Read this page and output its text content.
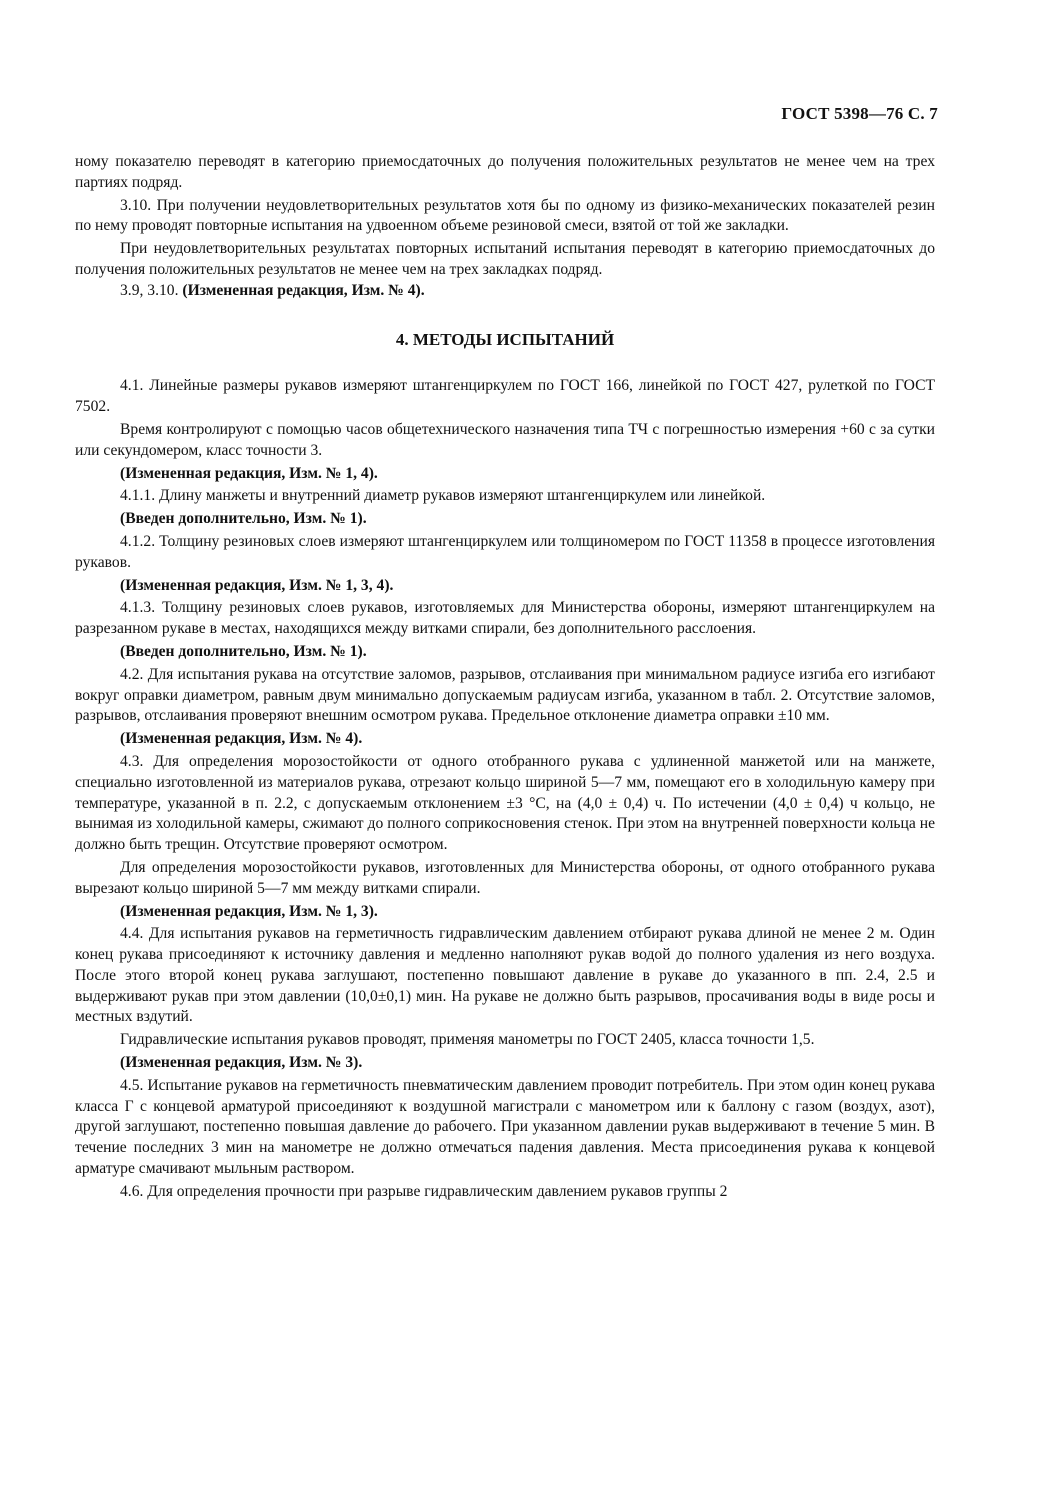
ГОСТ 5398—76 С. 7

ному показателю переводят в категорию приемосдаточных до получения положительных результатов не менее чем на трех партиях подряд.

3.10. При получении неудовлетворительных результатов хотя бы по одному из физико-механических показателей резин по нему проводят повторные испытания на удвоенном объеме резиновой смеси, взятой от той же закладки.

При неудовлетворительных результатах повторных испытаний испытания переводят в категорию приемосдаточных до получения положительных результатов не менее чем на трех закладках подряд.

3.9, 3.10. (Измененная редакция, Изм. № 4).

4. МЕТОДЫ ИСПЫТАНИЙ

4.1. Линейные размеры рукавов измеряют штангенциркулем по ГОСТ 166, линейкой по ГОСТ 427, рулеткой по ГОСТ 7502.

Время контролируют с помощью часов общетехнического назначения типа ТЧ с погрешностью измерения +60 с за сутки или секундомером, класс точности 3.

(Измененная редакция, Изм. № 1, 4).

4.1.1. Длину манжеты и внутренний диаметр рукавов измеряют штангенциркулем или линейкой.

(Введен дополнительно, Изм. № 1).

4.1.2. Толщину резиновых слоев измеряют штангенциркулем или толщиномером по ГОСТ 11358 в процессе изготовления рукавов.

(Измененная редакция, Изм. № 1, 3, 4).

4.1.3. Толщину резиновых слоев рукавов, изготовляемых для Министерства обороны, измеряют штангенциркулем на разрезанном рукаве в местах, находящихся между витками спирали, без дополнительного расслоения.

(Введен дополнительно, Изм. № 1).

4.2. Для испытания рукава на отсутствие заломов, разрывов, отслаивания при минимальном радиусе изгиба его изгибают вокруг оправки диаметром, равным двум минимально допускаемым радиусам изгиба, указанном в табл. 2. Отсутствие заломов, разрывов, отслаивания проверяют внешним осмотром рукава. Предельное отклонение диаметра оправки ±10 мм.

(Измененная редакция, Изм. № 4).

4.3. Для определения морозостойкости от одного отобранного рукава с удлиненной манжетой или на манжете, специально изготовленной из материалов рукава, отрезают кольцо шириной 5—7 мм, помещают его в холодильную камеру при температуре, указанной в п. 2.2, с допускаемым отклонением ±3 °С, на (4,0 ± 0,4) ч. По истечении (4,0 ± 0,4) ч кольцо, не вынимая из холодильной камеры, сжимают до полного соприкосновения стенок. При этом на внутренней поверхности кольца не должно быть трещин. Отсутствие проверяют осмотром.

Для определения морозостойкости рукавов, изготовленных для Министерства обороны, от одного отобранного рукава вырезают кольцо шириной 5—7 мм между витками спирали.

(Измененная редакция, Изм. № 1, 3).

4.4. Для испытания рукавов на герметичность гидравлическим давлением отбирают рукава длиной не менее 2 м. Один конец рукава присоединяют к источнику давления и медленно наполняют рукав водой до полного удаления из него воздуха. После этого второй конец рукава заглушают, постепенно повышают давление в рукаве до указанного в пп. 2.4, 2.5 и выдерживают рукав при этом давлении (10,0±0,1) мин. На рукаве не должно быть разрывов, просачивания воды в виде росы и местных вздутий.

Гидравлические испытания рукавов проводят, применяя манометры по ГОСТ 2405, класса точности 1,5.

(Измененная редакция, Изм. № 3).

4.5. Испытание рукавов на герметичность пневматическим давлением проводит потребитель. При этом один конец рукава класса Г с концевой арматурой присоединяют к воздушной магистрали с манометром или к баллону с газом (воздух, азот), другой заглушают, постепенно повышая давление до рабочего. При указанном давлении рукав выдерживают в течение 5 мин. В течение последних 3 мин на манометре не должно отмечаться падения давления. Места присоединения рукава к концевой арматуре смачивают мыльным раствором.

4.6. Для определения прочности при разрыве гидравлическим давлением рукавов группы 2
